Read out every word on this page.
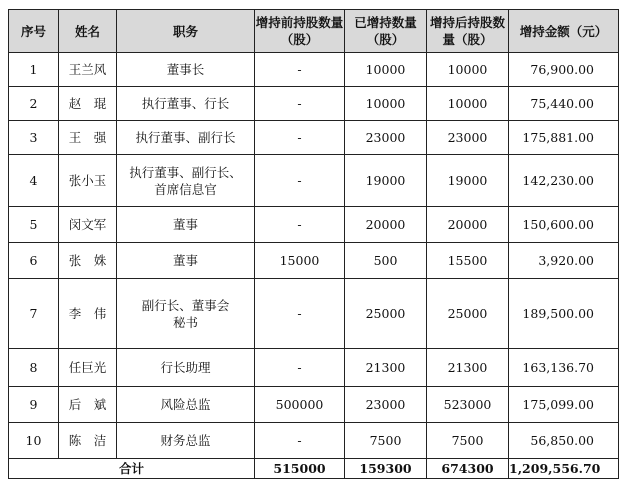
序号	姓名	职务	增持前持股数量（股）	已增持数量（股）	增持后持股数量（股）	增持金额（元）
1	王兰风	董事长	-	10000	10000	76,900.00
2	赵　琨	执行董事、行长	-	10000	10000	75,440.00
3	王　强	执行董事、副行长	-	23000	23000	175,881.00
4	张小玉	执行董事、副行长、首席信息官	-	19000	19000	142,230.00
5	闵文军	董事	-	20000	20000	150,600.00
6	张　姝	董事	15000	500	15500	3,920.00
7	李　伟	副行长、董事会秘书	-	25000	25000	189,500.00
8	任巨光	行长助理	-	21300	21300	163,136.70
9	后　斌	风险总监	500000	23000	523000	175,099.00
10	陈　洁	财务总监	-	7500	7500	56,850.00
合计			515000	159300	674300	1,209,556.70
